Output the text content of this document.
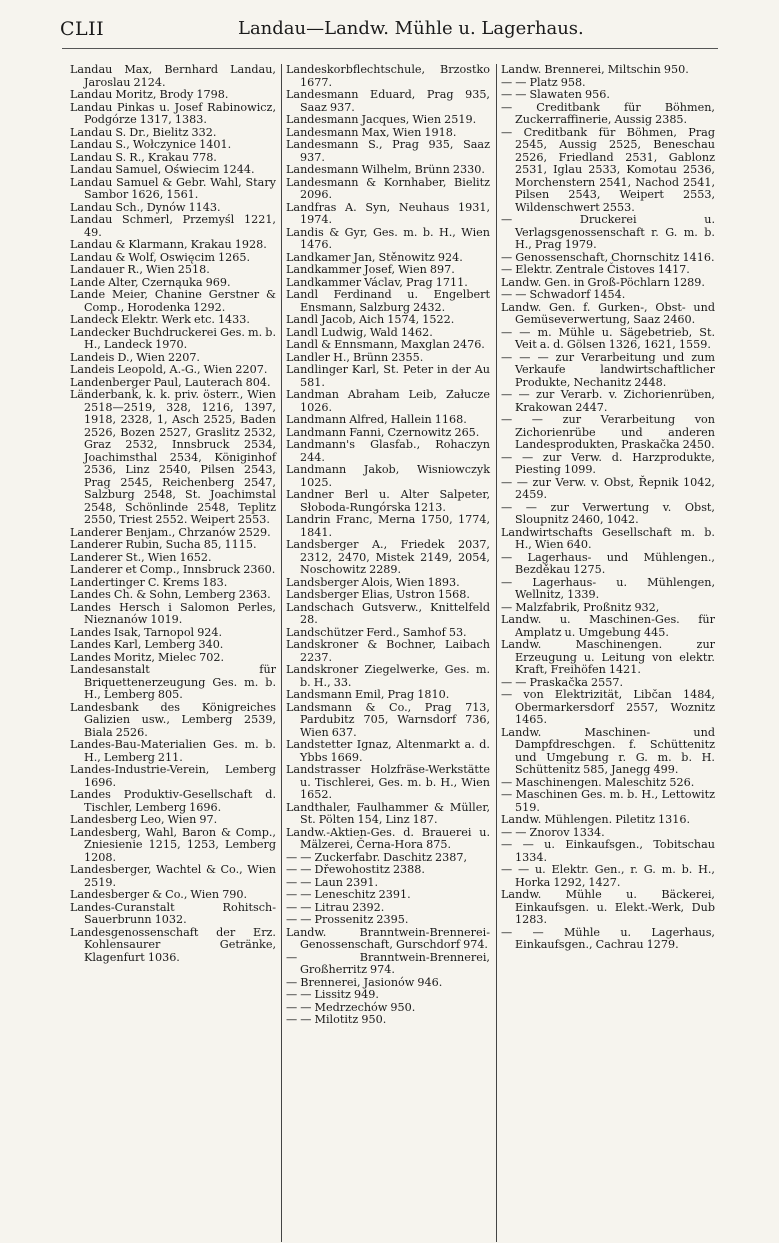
CLII	Landau—Landw. Mühle u. Lagerhaus.
Landau Max, Bernhard Landau, Jaroslau 2124.
Landau Moritz, Brody 1798.
Landau Pinkas u. Josef Rabinowicz, Podgórze 1317, 1383.
Landau S. Dr., Bielitz 332.
Landau S., Wołczynice 1401.
Landau S. R., Krakau 778.
Landau Samuel, Oświecim 1244.
Landau Samuel & Gebr. Wahl, Stary Sambor 1626, 1561.
Landau Sch., Dynów 1143.
Landau Schmerl, Przemyśl 1221, 49.
Landau & Klarmann, Krakau 1928.
Landau & Wolf, Oswięcim 1265.
Landauer R., Wien 2518.
Lande Alter, Czernąuka 969.
Lande Meier, Chanine Gerstner & Comp., Horodenka 1292.
Landeck Elektr. Werk etc. 1433.
Landecker Buchdruckerei Ges. m. b. H., Landeck 1970.
Landeis D., Wien 2207.
Landeis Leopold, A.-G., Wien 2207.
Landenberger Paul, Lauterach 804.
Länderbank, k. k. priv. österr., Wien 2518—2519, 328, 1216, 1397, 1918, 2328, 1, Asch 2525, Baden 2526, Bozen 2527, Graslitz 2532, Graz 2532, Innsbruck 2534, Joachimsthal 2534, Königinhof 2536, Linz 2540, Pilsen 2543, Prag 2545, Reichenberg 2547, Salzburg 2548, St. Joachimstal 2548, Schönlinde 2548, Teplitz 2550, Triest 2552. Weipert 2553.
Landerer Benjam., Chrzanów 2529.
Landerer Rubin, Sucha 85, 1115.
Landerer St., Wien 1652.
Landerer et Comp., Innsbruck 2360.
Landertinger C. Krems 183.
Landes Ch. & Sohn, Lemberg 2363.
Landes Hersch i Salomon Perles, Nieznanów 1019.
Landes Isak, Tarnopol 924.
Landes Karl, Lemberg 340.
Landes Moritz, Mielec 702.
Landesanstalt für Briquettenerzeugung Ges. m. b. H., Lemberg 805.
Landesbank des Königreiches Galizien usw., Lemberg 2539, Biala 2526.
Landes-Bau-Materialien Ges. m. b. H., Lemberg 211.
Landes-Industrie-Verein, Lemberg 1696.
Landes Produktiv-Gesellschaft d. Tischler, Lemberg 1696.
Landesberg Leo, Wien 97.
Landesberg, Wahl, Baron & Comp., Zniesienie 1215, 1253, Lemberg 1208.
Landesberger, Wachtel & Co., Wien 2519.
Landesberger & Co., Wien 790.
Landes-Curanstalt Rohitsch-Sauerbrunn 1032.
Landesgenossenschaft der Erz. Kohlensaurer Getränke, Klagenfurt 1036.
Landeskorbflechtschule, Brzostko 1677.
Landesmann Eduard, Prag 935, Saaz 937.
Landesmann Jacques, Wien 2519.
Landesmann Max, Wien 1918.
Landesmann S., Prag 935, Saaz 937.
Landesmann Wilhelm, Brünn 2330.
Landesmann & Kornhaber, Bielitz 2096.
Landfras A. Syn, Neuhaus 1931, 1974.
Landis & Gyr, Ges. m. b. H., Wien 1476.
Landkamer Jan, Stěnowitz 924.
Landkammer Josef, Wien 897.
Landkammer Václav, Prag 1711.
Landl Ferdinand u. Engelbert Ensmann, Salzburg 2432.
Landl Jacob, Aich 1574, 1522.
Landl Ludwig, Wald 1462.
Landl & Ennsmann, Maxglan 2476.
Landler H., Brünn 2355.
Landlinger Karl, St. Peter in der Au 581.
Landman Abraham Leib, Załucze 1026.
Landmann Alfred, Hallein 1168.
Landmann Fanni, Czernowitz 265.
Landmann's Glasfab., Rohaczyn 244.
Landmann Jakob, Wisniowczyk 1025.
Landner Berl u. Alter Salpeter, Słoboda-Rungórska 1213.
Landrin Franc, Merna 1750, 1774, 1841.
Landsberger A., Friedek 2037, 2312, 2470, Mistek 2149, 2054, Noschowitz 2289.
Landsberger Alois, Wien 1893.
Landsberger Elias, Ustron 1568.
Landschach Gutsverw., Knittelfeld 28.
Landschützer Ferd., Samhof 53.
Landskroner & Bochner, Laibach 2237.
Landskroner Ziegelwerke, Ges. m. b. H., 33.
Landsmann Emil, Prag 1810.
Landsmann & Co., Prag 713, Pardubitz 705, Warnsdorf 736, Wien 637.
Landstetter Ignaz, Altenmarkt a. d. Ybbs 1669.
Landstrasser Holzfräse-Werkstätte u. Tischlerei, Ges. m. b. H., Wien 1652.
Landthaler, Faulhammer & Müller, St. Pölten 154, Linz 187.
Landw.-Aktien-Ges. d. Brauerei u. Mälzerei, Černa-Hora 875.
— — Zuckerfabr. Daschitz 2387,
— — Dřewohostitz 2388.
— — Laun 2391.
— — Leneschitz 2391.
— — Litrau 2392.
— — Prossenitz 2395.
Landw. Branntwein-Brennerei-Genossenschaft, Gurschdorf 974.
— Branntwein-Brennerei, Großherritz 974.
— Brennerei, Jasionów 946.
— — Lissitz 949.
— — Medrzechów 950.
— — Milotitz 950.
Landw. Brennerei, Miltschin 950.
— — Platz 958.
— — Slawaten 956.
— Creditbank für Böhmen, Zuckerraffinerie, Aussig 2385.
— Creditbank für Böhmen, Prag 2545, Aussig 2525, Beneschau 2526, Friedland 2531, Gablonz 2531, Iglau 2533, Komotau 2536, Morchenstern 2541, Nachod 2541, Pilsen 2543, Weipert 2553, Wildenschwert 2553.
— Druckerei u. Verlagsgenossenschaft r. G. m. b. H., Prag 1979.
— Genossenschaft, Chornschitz 1416.
— Elektr. Zentrale Čistoves 1417.
Landw. Gen. in Groß-Pöchlarn 1289.
— — Schwadorf 1454.
Landw. Gen. f. Gurken-, Obst- und Gemüseverwertung, Saaz 2460.
— — m. Mühle u. Sägebetrieb, St. Veit a. d. Gölsen 1326, 1621, 1559.
— — — zur Verarbeitung und zum Verkaufe landwirtschaftlicher Produkte, Nechanitz 2448.
— — zur Verarb. v. Zichorienrüben, Krakowan 2447.
— — zur Verarbeitung von Zichorienrübe und anderen Landesprodukten, Praskačka 2450.
— — zur Verw. d. Harzprodukte, Piesting 1099.
— — zur Verw. v. Obst, Řepnik 1042, 2459.
— — zur Verwertung v. Obst, Sloupnitz 2460, 1042.
Landwirtschafts Gesellschaft m. b. H., Wien 640.
— Lagerhaus- und Mühlengen., Bezděkau 1275.
— Lagerhaus- u. Mühlengen, Wellnitz, 1339.
— Malzfabrik, Proßnitz 932,
Landw. u. Maschinen-Ges. für Amplatz u. Umgebung 445.
Landw. Maschinengen. zur Erzeugung u. Leitung von elektr. Kraft, Freihöfen 1421.
— — Praskačka 2557.
— von Elektrizität, Libčan 1484, Obermarkersdorf 2557, Woznitz 1465.
Landw. Maschinen- und Dampfdreschgen. f. Schüttenitz und Umgebung r. G. m. b. H. Schüttenitz 585, Janegg 499.
— Maschinengen. Maleschitz 526.
— Maschinen Ges. m. b. H., Lettowitz 519.
Landw. Mühlengen. Piletitz 1316.
— — Znorov 1334.
— — u. Einkaufsgen., Tobitschau 1334.
— — u. Elektr. Gen., r. G. m. b. H., Horka 1292, 1427.
Landw. Mühle u. Bäckerei, Einkaufsgen. u. Elekt.-Werk, Dub 1283.
— — Mühle u. Lagerhaus, Einkaufsgen., Cachrau 1279.
